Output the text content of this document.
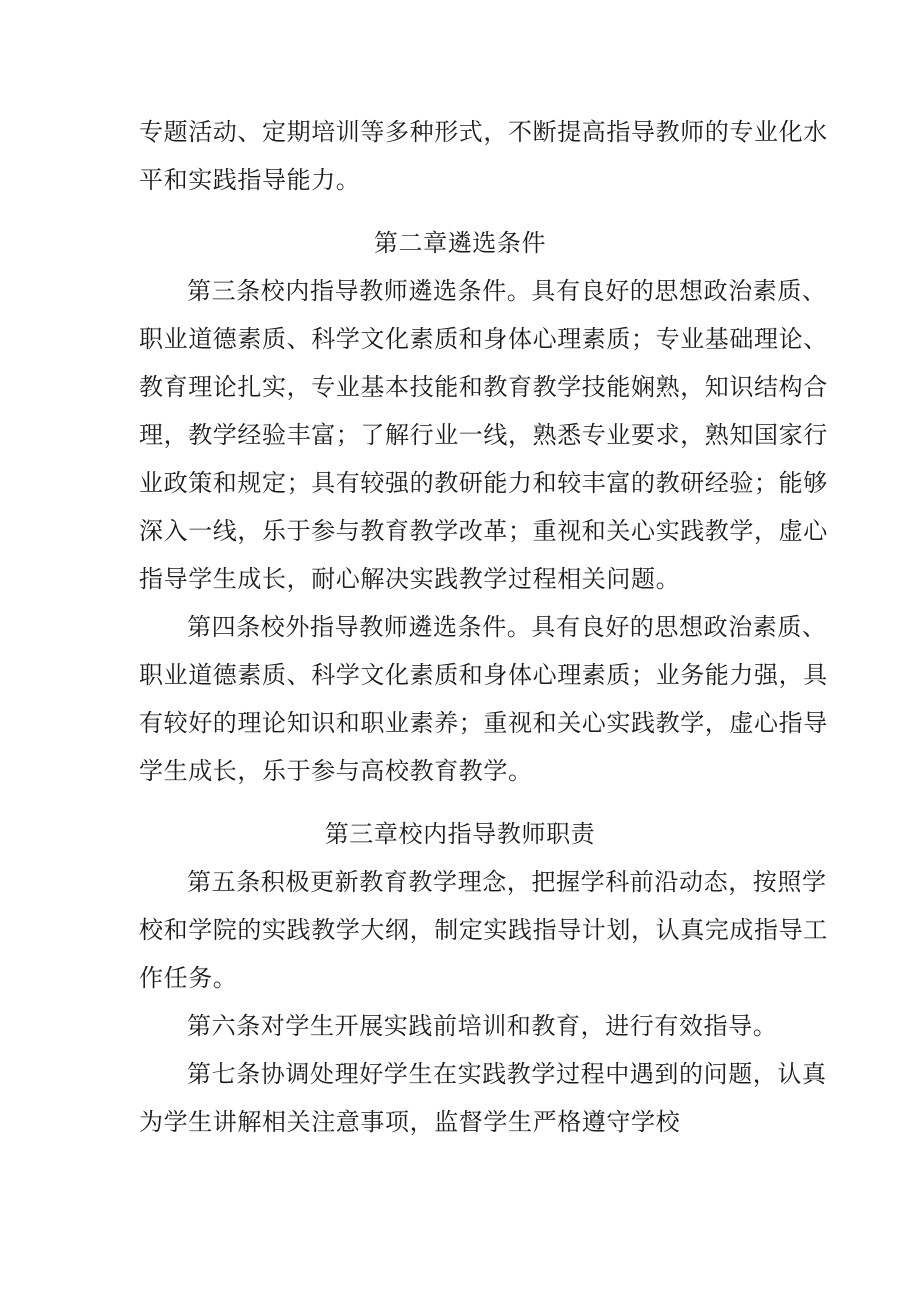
专题活动、定期培训等多种形式，不断提高指导教师的专业化水
平和实践指导能力。
第二章遴选条件
第三条校内指导教师遴选条件。具有良好的思想政治素质、
职业道德素质、科学文化素质和身体心理素质；专业基础理论、
教育理论扎实，专业基本技能和教育教学技能娴熟，知识结构合
理，教学经验丰富；了解行业一线，熟悉专业要求，熟知国家行
业政策和规定；具有较强的教研能力和较丰富的教研经验；能够
深入一线，乐于参与教育教学改革；重视和关心实践教学，虚心
指导学生成长，耐心解决实践教学过程相关问题。
第四条校外指导教师遴选条件。具有良好的思想政治素质、
职业道德素质、科学文化素质和身体心理素质；业务能力强，具
有较好的理论知识和职业素养；重视和关心实践教学，虚心指导
学生成长，乐于参与高校教育教学。
第三章校内指导教师职责
第五条积极更新教育教学理念，把握学科前沿动态，按照学
校和学院的实践教学大纲，制定实践指导计划，认真完成指导工
作任务。
第六条对学生开展实践前培训和教育，进行有效指导。
第七条协调处理好学生在实践教学过程中遇到的问题，认真
为学生讲解相关注意事项，监督学生严格遵守学校
